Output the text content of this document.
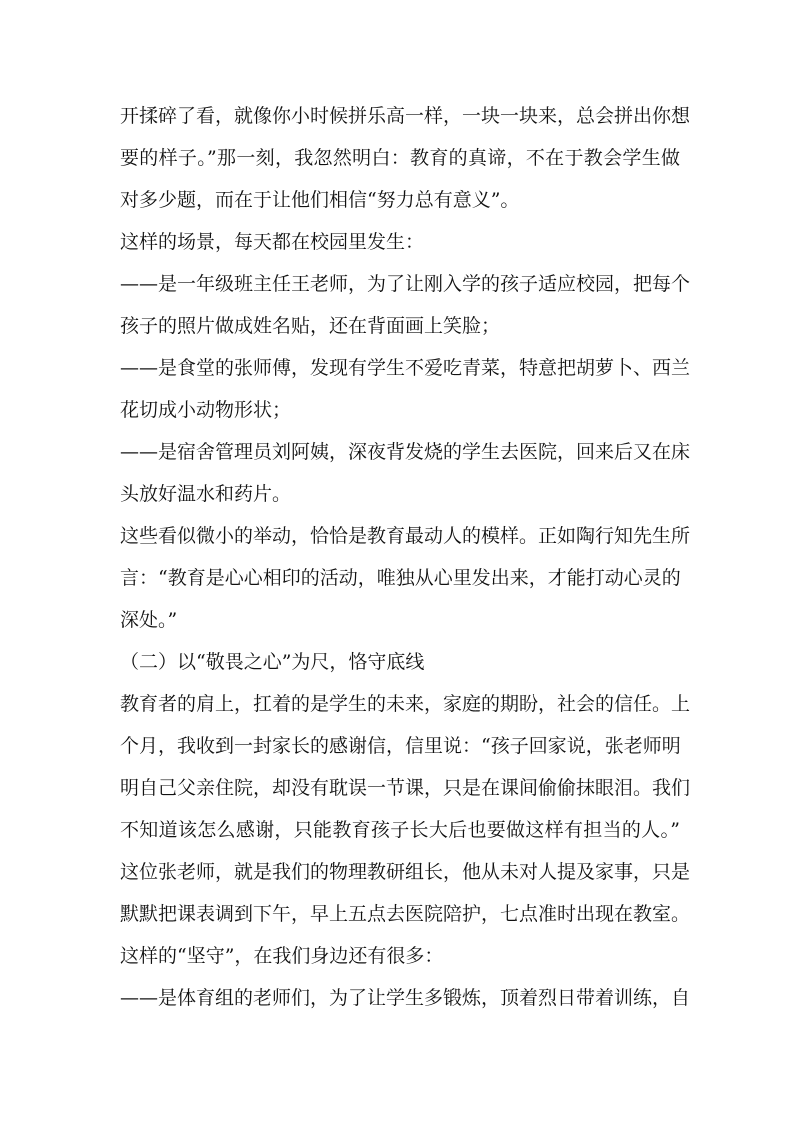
开揉碎了看，就像你小时候拼乐高一样，一块一块来，总会拼出你想
要的样子。”那一刻，我忽然明白：教育的真谛，不在于教会学生做
对多少题，而在于让他们相信“努力总有意义”。
这样的场景，每天都在校园里发生：
——是一年级班主任王老师，为了让刚入学的孩子适应校园，把每个
孩子的照片做成姓名贴，还在背面画上笑脸；
——是食堂的张师傅，发现有学生不爱吃青菜，特意把胡萝卜、西兰
花切成小动物形状；
——是宿舍管理员刘阿姨，深夜背发烧的学生去医院，回来后又在床
头放好温水和药片。
这些看似微小的举动，恰恰是教育最动人的模样。正如陶行知先生所
言：“教育是心心相印的活动，唯独从心里发出来，才能打动心灵的
深处。”
（二）以“敬畏之心”为尺，恪守底线
教育者的肩上，扛着的是学生的未来，家庭的期盼，社会的信任。上
个月，我收到一封家长的感谢信，信里说：“孩子回家说，张老师明
明自己父亲住院，却没有耽误一节课，只是在课间偷偷抹眼泪。我们
不知道该怎么感谢，只能教育孩子长大后也要做这样有担当的人。”
这位张老师，就是我们的物理教研组长，他从未对人提及家事，只是
默默把课表调到下午，早上五点去医院陪护，七点准时出现在教室。
这样的“坚守”，在我们身边还有很多：
——是体育组的老师们，为了让学生多锻炼，顶着烈日带着训练，自
